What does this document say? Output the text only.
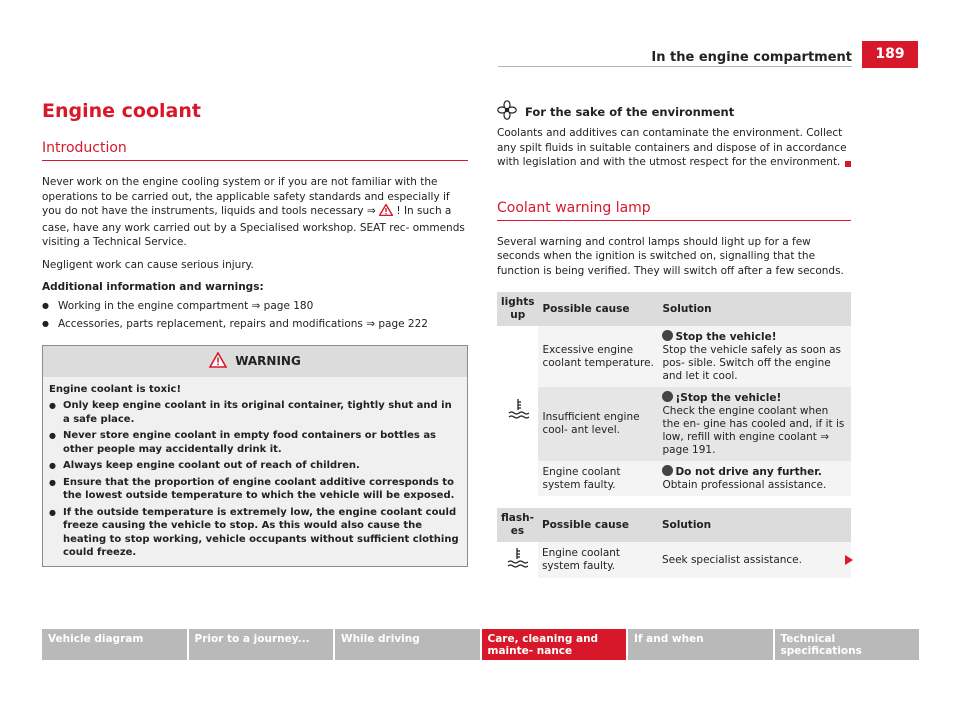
In the engine compartment	189
Engine coolant
Introduction
Never work on the engine cooling system or if you are not familiar with the operations to be carried out, the applicable safety standards and especially if you do not have the instruments, liquids and tools necessary ⇒ ! In such a case, have any work carried out by a Specialised workshop. SEAT rec- ommends visiting a Technical Service.
Negligent work can cause serious injury.
Additional information and warnings:
● Working in the engine compartment ⇒ page 180
● Accessories, parts replacement, repairs and modifications ⇒ page 222
WARNING
Engine coolant is toxic!
● Only keep engine coolant in its original container, tightly shut and in a safe place.
● Never store engine coolant in empty food containers or bottles as other people may accidentally drink it.
● Always keep engine coolant out of reach of children.
● Ensure that the proportion of engine coolant additive corresponds to the lowest outside temperature to which the vehicle will be exposed.
● If the outside temperature is extremely low, the engine coolant could freeze causing the vehicle to stop. As this would also cause the heating to stop working, vehicle occupants without sufficient clothing could freeze.
For the sake of the environment
Coolants and additives can contaminate the environment. Collect any spilt fluids in suitable containers and dispose of in accordance with legislation and with the utmost respect for the environment.
Coolant warning lamp
Several warning and control lamps should light up for a few seconds when the ignition is switched on, signalling that the function is being verified. They will switch off after a few seconds.
lights up	Possible cause	Solution
	Excessive engine coolant temperature.	Stop the vehicle!
Stop the vehicle safely as soon as pos- sible. Switch off the engine and let it cool.
	Insufficient engine cool- ant level.	¡Stop the vehicle!
Check the engine coolant when the en- gine has cooled and, if it is low, refill with engine coolant ⇒ page 191.
	Engine coolant system faulty.	Do not drive any further.
Obtain professional assistance.
flash- es	Possible cause	Solution
	Engine coolant system faulty.	Seek specialist assistance.
Vehicle diagram	Prior to a journey...	While driving	Care, cleaning and mainte- nance
If and when	Technical specifications
